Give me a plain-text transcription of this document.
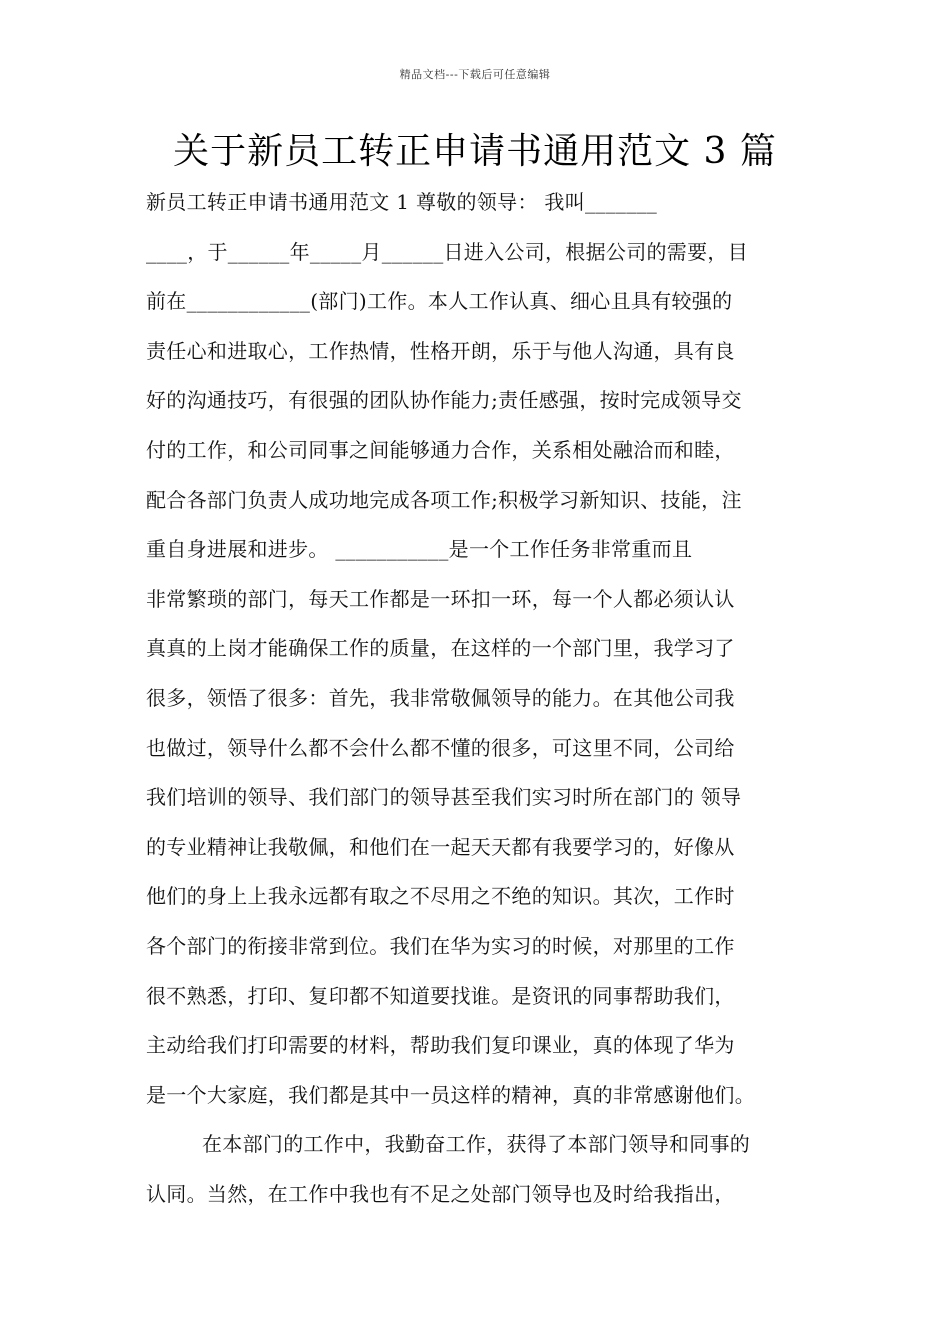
精品文档---下载后可任意编辑
关于新员工转正申请书通用范文 3 篇
新员工转正申请书通用范文 1 尊敬的领导： 我叫_______
____，于______年_____月______日进入公司，根据公司的需要，目
前在____________(部门)工作。本人工作认真、细心且具有较强的
责任心和进取心，工作热情，性格开朗，乐于与他人沟通，具有良
好的沟通技巧，有很强的团队协作能力;责任感强，按时完成领导交
付的工作，和公司同事之间能够通力合作，关系相处融洽而和睦，
配合各部门负责人成功地完成各项工作;积极学习新知识、技能，注
重自身进展和进步。 ___________是一个工作任务非常重而且
非常繁琐的部门，每天工作都是一环扣一环，每一个人都必须认认
真真的上岗才能确保工作的质量，在这样的一个部门里，我学习了
很多，领悟了很多：首先，我非常敬佩领导的能力。在其他公司我
也做过，领导什么都不会什么都不懂的很多，可这里不同，公司给
我们培训的领导、我们部门的领导甚至我们实习时所在部门的 领导
的专业精神让我敬佩，和他们在一起天天都有我要学习的，好像从
他们的身上上我永远都有取之不尽用之不绝的知识。其次，工作时
各个部门的衔接非常到位。我们在华为实习的时候，对那里的工作
很不熟悉，打印、复印都不知道要找谁。是资讯的同事帮助我们，
主动给我们打印需要的材料，帮助我们复印课业，真的体现了华为
是一个大家庭，我们都是其中一员这样的精神，真的非常感谢他们。
在本部门的工作中，我勤奋工作，获得了本部门领导和同事的
认同。当然，在工作中我也有不足之处部门领导也及时给我指出，
